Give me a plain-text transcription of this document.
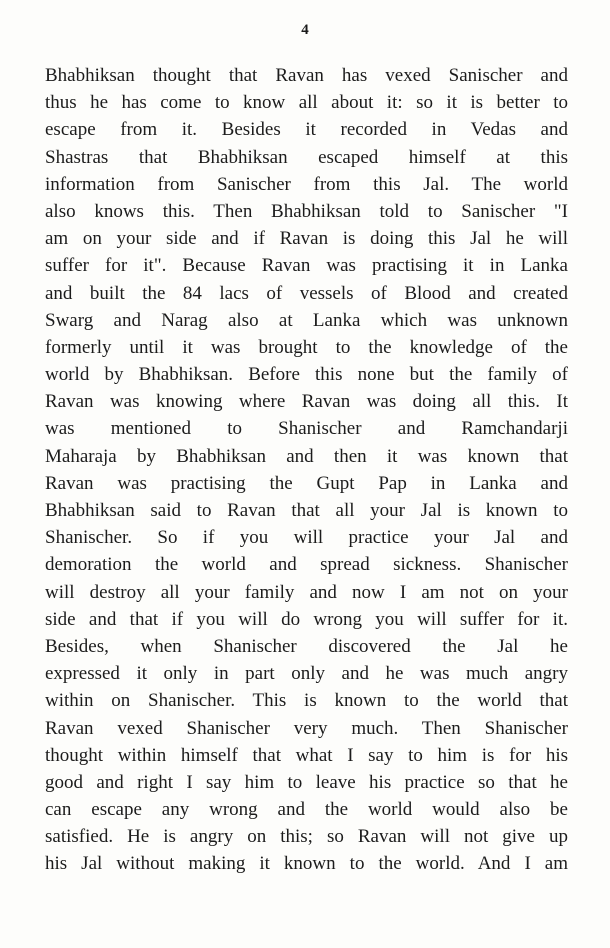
4
Bhabhiksan thought that Ravan has vexed Sanischer and
thus he has come to know all about it: so it is better to
escape from it. Besides it recorded in Vedas and
Shastras that Bhabhiksan escaped himself at this
information from Sanischer from this Jal. The world
also knows this. Then Bhabhiksan told to Sanischer "I
am on your side and if Ravan is doing this Jal he will
suffer for it". Because Ravan was practising it in Lanka
and built the 84 lacs of vessels of Blood and created
Swarg and Narag also at Lanka which was unknown
formerly until it was brought to the knowledge of the
world by Bhabhiksan. Before this none but the family of
Ravan was knowing where Ravan was doing all this. It
was mentioned to Shanischer and Ramchandarji
Maharaja by Bhabhiksan and then it was known that
Ravan was practising the Gupt Pap in Lanka and
Bhabhiksan said to Ravan that all your Jal is known to
Shanischer. So if you will practice your Jal and
demoration the world and spread sickness. Shanischer
will destroy all your family and now I am not on your
side and that if you will do wrong you will suffer for it.
Besides, when Shanischer discovered the Jal he
expressed it only in part only and he was much angry
within on Shanischer. This is known to the world that
Ravan vexed Shanischer very much. Then Shanischer
thought within himself that what I say to him is for his
good and right I say him to leave his practice so that he
can escape any wrong and the world would also be
satisfied. He is angry on this; so Ravan will not give up
his Jal without making it known to the world. And I am
